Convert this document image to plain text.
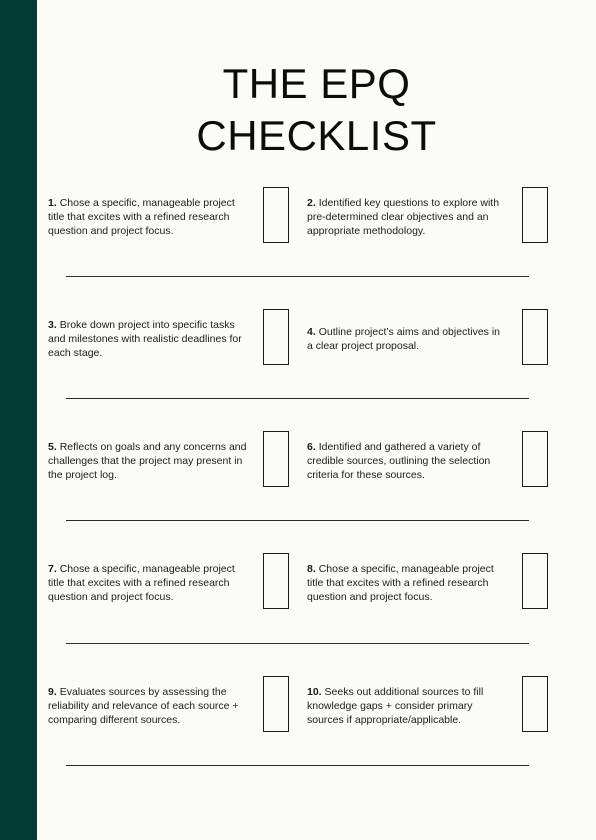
THE EPQ
CHECKLIST
1. Chose a specific, manageable project title that excites with a refined research question and project focus.
2. Identified key questions to explore with pre-determined clear objectives and an appropriate methodology.
3. Broke down project into specific tasks and milestones with realistic deadlines for each stage.
4. Outline project’s aims and objectives in a clear project proposal.
5. Reflects on goals and any concerns and challenges that the project may present in the project log.
6. Identified and gathered a variety of credible sources, outlining the selection criteria for these sources.
7. Chose a specific, manageable project title that excites with a refined research question and project focus.
8. Chose a specific, manageable project title that excites with a refined research question and project focus.
9. Evaluates sources by assessing the reliability and relevance of each source + comparing different sources.
10. Seeks out additional sources to fill knowledge gaps + consider primary sources if appropriate/applicable.
